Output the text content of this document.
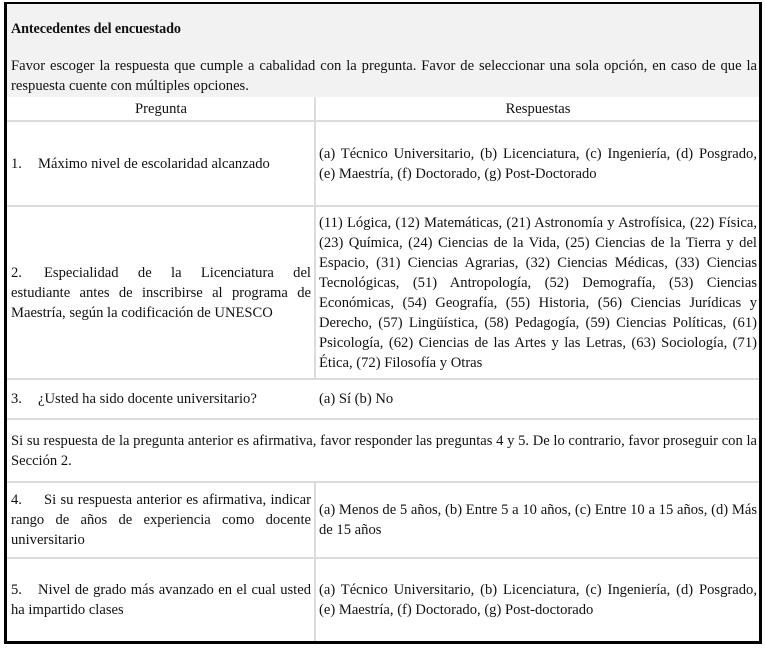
Antecedentes del encuestado
Favor escoger la respuesta que cumple a cabalidad con la pregunta. Favor de seleccionar una sola opción, en caso de que la respuesta cuente con múltiples opciones.
Pregunta	Respuestas
1. Máximo nivel de escolaridad alcanzado
(a) Técnico Universitario, (b) Licenciatura, (c) Ingeniería, (d) Posgrado, (e) Maestría, (f) Doctorado, (g) Post-Doctorado
2. Especialidad de la Licenciatura del estudiante antes de inscribirse al programa de Maestría, según la codificación de UNESCO
(11) Lógica, (12) Matemáticas, (21) Astronomía y Astrofísica, (22) Física, (23) Química, (24) Ciencias de la Vida, (25) Ciencias de la Tierra y del Espacio, (31) Ciencias Agrarias, (32) Ciencias Médicas, (33) Ciencias Tecnológicas, (51) Antropología, (52) Demografía, (53) Ciencias Económicas, (54) Geografía, (55) Historia, (56) Ciencias Jurídicas y Derecho, (57) Lingüística, (58) Pedagogía, (59) Ciencias Políticas, (61) Psicología, (62) Ciencias de las Artes y las Letras, (63) Sociología, (71) Ética, (72) Filosofía y Otras
3. ¿Usted ha sido docente universitario?	(a) Sí (b) No
Si su respuesta de la pregunta anterior es afirmativa, favor responder las preguntas 4 y 5. De lo contrario, favor proseguir con la Sección 2.
4. Si su respuesta anterior es afirmativa, indicar rango de años de experiencia como docente universitario
(a) Menos de 5 años, (b) Entre 5 a 10 años, (c) Entre 10 a 15 años, (d) Más de 15 años
5. Nivel de grado más avanzado en el cual usted ha impartido clases
(a) Técnico Universitario, (b) Licenciatura, (c) Ingeniería, (d) Posgrado, (e) Maestría, (f) Doctorado, (g) Post-doctorado
